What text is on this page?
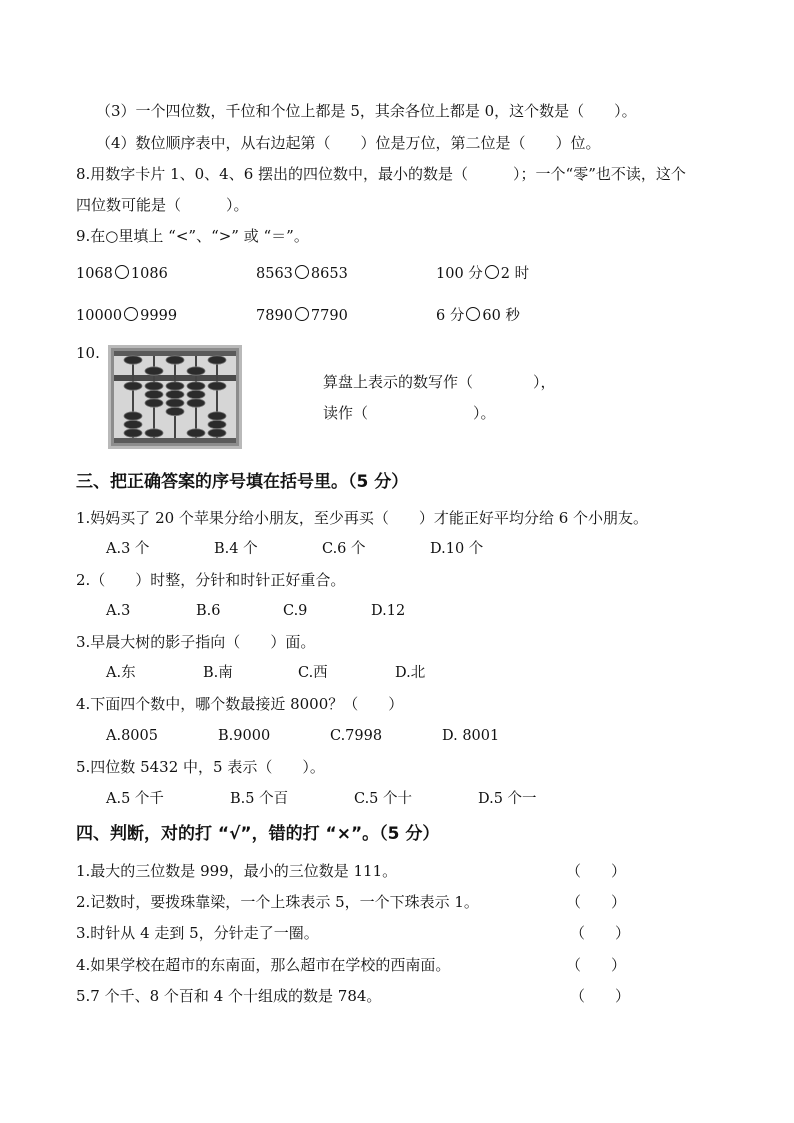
（3）一个四位数，千位和个位上都是 5，其余各位上都是 0，这个数是（　　）。
（4）数位顺序表中，从右边起第（　　）位是万位，第二位是（　　）位。
8.用数字卡片 1、0、4、6 摆出的四位数中，最小的数是（　　　）；一个“零”也不读，这个
四位数可能是（　　　）。
9.在○里填上 “<”、“>” 或 “＝”。
1068 1086	8563 8653	100 分 2 时
10000 9999	7890 7790	6 分 60 秒
10.
算盘上表示的数写作（　　　　），
读作（　　　　　　　）。
三、把正确答案的序号填在括号里。（5 分）
1.妈妈买了 20 个苹果分给小朋友，至少再买（　　）才能正好平均分给 6 个小朋友。
A.3 个	B.4 个	C.6 个	D.10 个
2.（　　）时整，分针和时针正好重合。
A.3	B.6	C.9	D.12
3.早晨大树的影子指向（　　）面。
A.东	B.南	C.西	D.北
4.下面四个数中，哪个数最接近 8000？（　　）
A.8005	B.9000	C.7998	D. 8001
5.四位数 5432 中，5 表示（　　）。
A.5 个千	B.5 个百	C.5 个十	D.5 个一
四、判断，对的打 “√”，错的打 “×”。（5 分）
1.最大的三位数是 999，最小的三位数是 111。	（　　）
2.记数时，要拨珠靠梁，一个上珠表示 5，一个下珠表示 1。	（　　）
3.时针从 4 走到 5，分针走了一圈。	（　　）
4.如果学校在超市的东南面，那么超市在学校的西南面。	（　　）
5.7 个千、8 个百和 4 个十组成的数是 784。	（　　）
